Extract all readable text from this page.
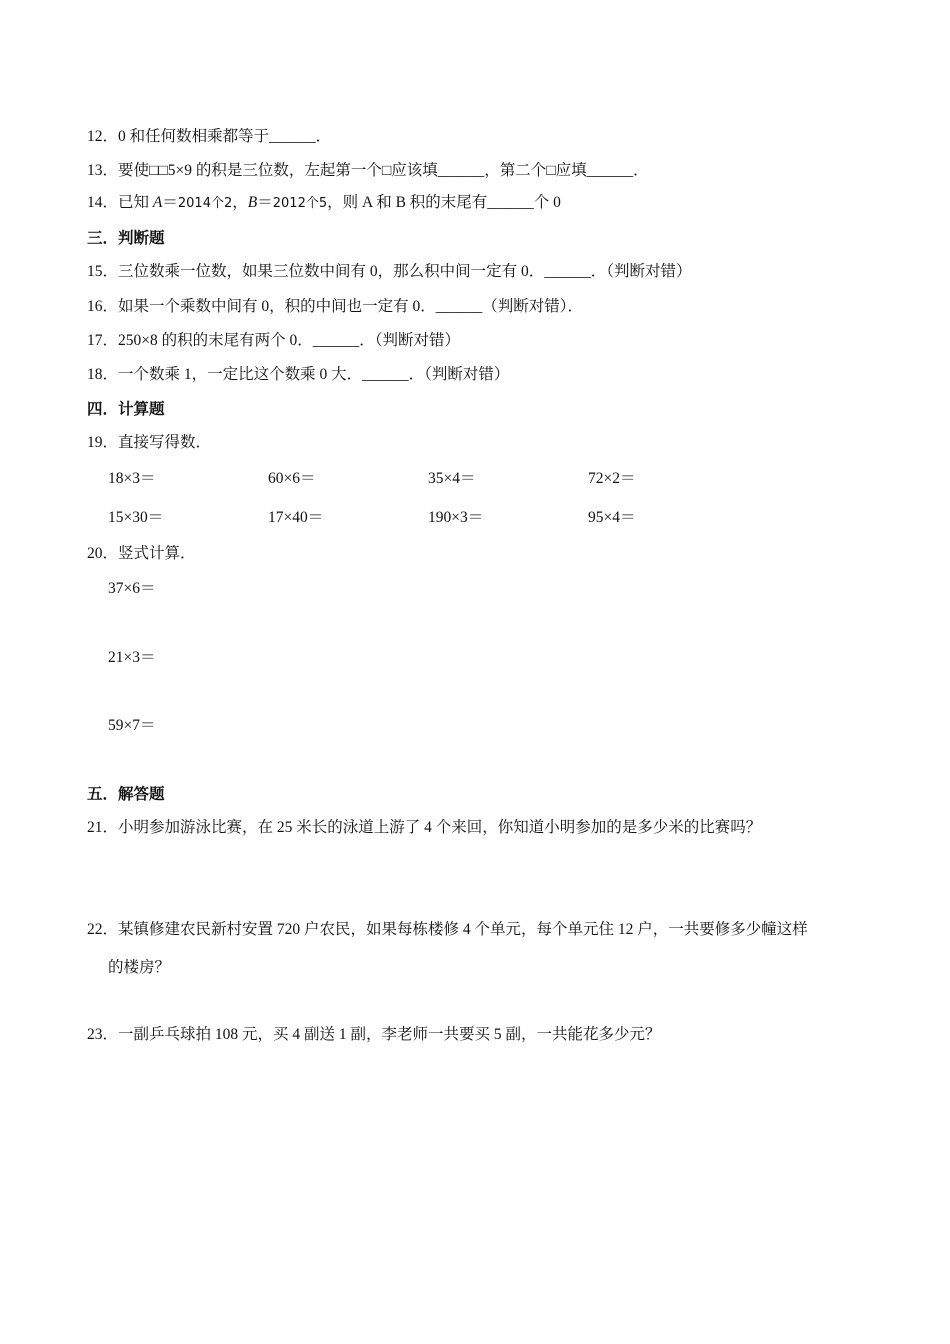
12．0 和任何数相乘都等于______．
13．要使□□5×9 的积是三位数，左起第一个□应该填______，第二个□应填______．
14．已知 A＝2014个2，B＝2012个5，则 A 和 B 积的末尾有______个 0
三．判断题
15．三位数乘一位数，如果三位数中间有 0，那么积中间一定有 0．______．（判断对错）
16．如果一个乘数中间有 0，积的中间也一定有 0．______（判断对错）．
17．250×8 的积的末尾有两个 0．______．（判断对错）
18．一个数乘 1，一定比这个数乘 0 大．______．（判断对错）
四．计算题
19．直接写得数．
18×3＝	60×6＝	35×4＝	72×2＝
15×30＝	17×40＝	190×3＝	95×4＝
20．竖式计算．
37×6＝
21×3＝
59×7＝
五．解答题
21．小明参加游泳比赛，在 25 米长的泳道上游了 4 个来回，你知道小明参加的是多少米的比赛吗？
22．某镇修建农民新村安置 720 户农民，如果每栋楼修 4 个单元，每个单元住 12 户，一共要修多少幢这样
的楼房？
23．一副乒乓球拍 108 元，买 4 副送 1 副，李老师一共要买 5 副，一共能花多少元？
